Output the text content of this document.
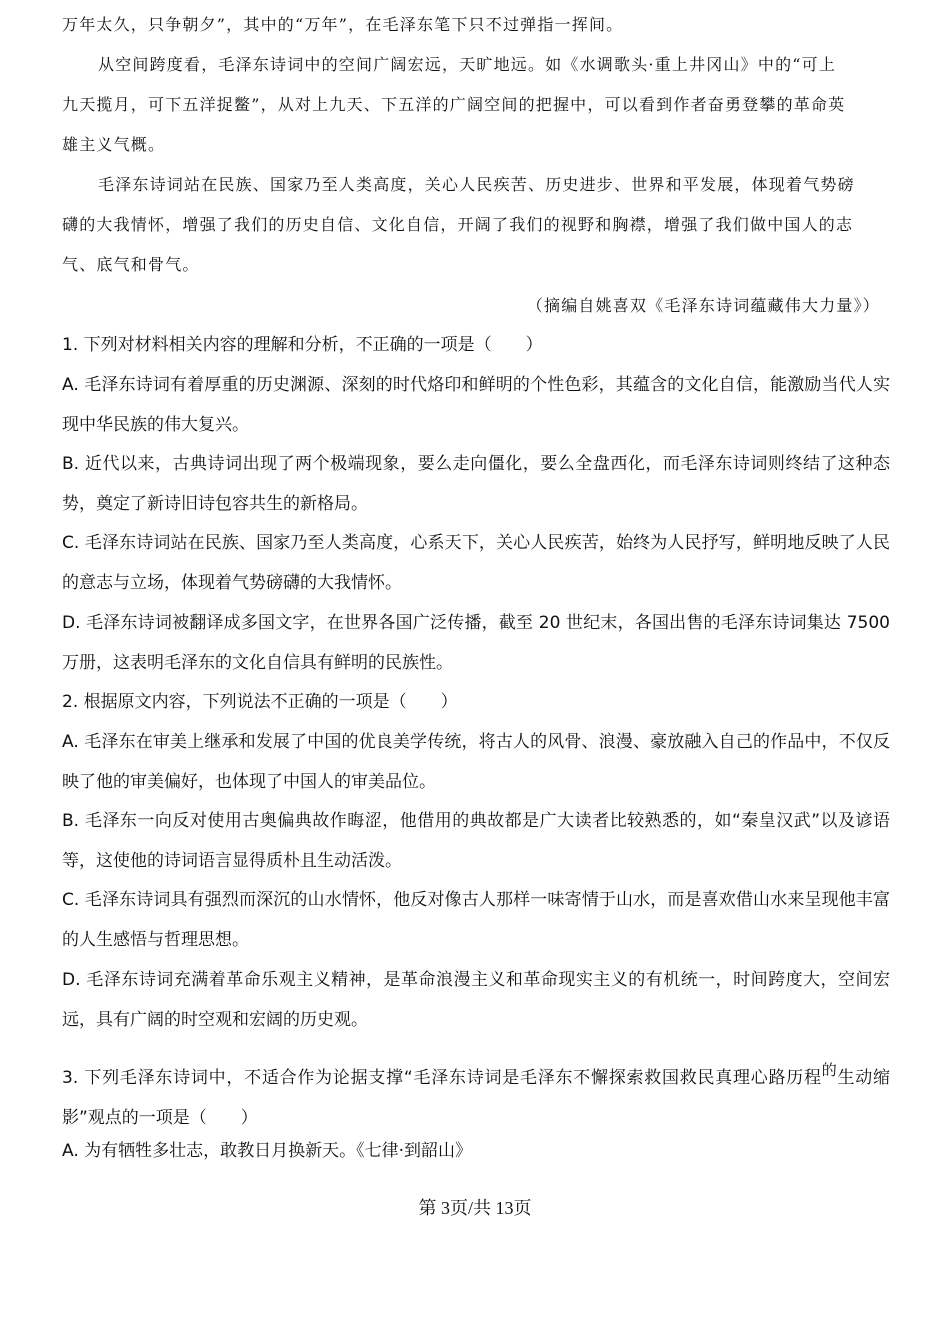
万年太久，只争朝夕”，其中的“万年”，在毛泽东笔下只不过弹指一挥间。
从空间跨度看，毛泽东诗词中的空间广阔宏远，天旷地远。如《水调歌头·重上井冈山》中的“可上
九天揽月，可下五洋捉鳖”，从对上九天、下五洋的广阔空间的把握中，可以看到作者奋勇登攀的革命英
雄主义气概。
毛泽东诗词站在民族、国家乃至人类高度，关心人民疾苦、历史进步、世界和平发展，体现着气势磅
礴的大我情怀，增强了我们的历史自信、文化自信，开阔了我们的视野和胸襟，增强了我们做中国人的志
气、底气和骨气。
（摘编自姚喜双《毛泽东诗词蕴藏伟大力量》）
1. 下列对材料相关内容的理解和分析，不正确的一项是（　　）
A. 毛泽东诗词有着厚重的历史渊源、深刻的时代烙印和鲜明的个性色彩，其蕴含的文化自信，能激励当代人实现中华民族的伟大复兴。
B. 近代以来，古典诗词出现了两个极端现象，要么走向僵化，要么全盘西化，而毛泽东诗词则终结了这种态势，奠定了新诗旧诗包容共生的新格局。
C. 毛泽东诗词站在民族、国家乃至人类高度，心系天下，关心人民疾苦，始终为人民抒写，鲜明地反映了人民的意志与立场，体现着气势磅礴的大我情怀。
D. 毛泽东诗词被翻译成多国文字，在世界各国广泛传播，截至 20 世纪末，各国出售的毛泽东诗词集达 7500 万册，这表明毛泽东的文化自信具有鲜明的民族性。
2. 根据原文内容，下列说法不正确的一项是（　　）
A. 毛泽东在审美上继承和发展了中国的优良美学传统，将古人的风骨、浪漫、豪放融入自己的作品中，不仅反映了他的审美偏好，也体现了中国人的审美品位。
B. 毛泽东一向反对使用古奥偏典故作晦涩，他借用的典故都是广大读者比较熟悉的，如“秦皇汉武”以及谚语等，这使他的诗词语言显得质朴且生动活泼。
C. 毛泽东诗词具有强烈而深沉的山水情怀，他反对像古人那样一味寄情于山水，而是喜欢借山水来呈现他丰富的人生感悟与哲理思想。
D. 毛泽东诗词充满着革命乐观主义精神，是革命浪漫主义和革命现实主义的有机统一，时间跨度大，空间宏远，具有广阔的时空观和宏阔的历史观。
3. 下列毛泽东诗词中，不适合作为论据支撑“毛泽东诗词是毛泽东不懈探索救国救民真理心路历程的生动缩影”观点的一项是（　　）
A. 为有牺牲多壮志，敢教日月换新天。《七律·到韶山》
第 3页/共 13页
